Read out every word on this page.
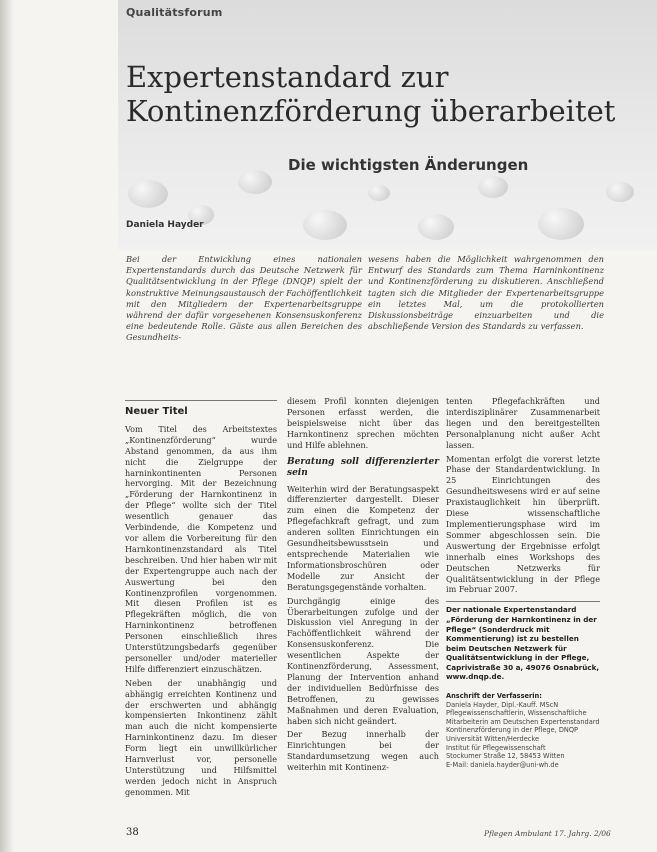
Qualitätsforum
Expertenstandard zur
Kontinenzförderung überarbeitet
Die wichtigsten Änderungen
Daniela Hayder

Bei der Entwicklung eines nationalen Expertenstandards durch das Deutsche Netzwerk für Qualitätsentwicklung in der Pflege (DNQP) spielt der konstruktive Meinungsaustausch der Fachöffentlichkeit mit den Mitgliedern der Expertenarbeitsgruppe während der dafür vorgesehenen Konsensuskonferenz eine bedeutende Rolle. Gäste aus allen Bereichen des Gesundheits-

wesens haben die Möglichkeit wahrgenommen den Entwurf des Standards zum Thema Harninkontinenz und Kontinenzförderung zu diskutieren. Anschließend tagten sich die Mitglieder der Expertenarbeitsgruppe ein letztes Mal, um die protokollierten Diskussionsbeiträge einzuarbeiten und die abschließende Version des Standards zu verfassen.

Neuer Titel

Vom Titel des Arbeitstextes „Kontinenzförderung“ wurde Abstand genommen, da aus ihm nicht die Zielgruppe der harninkontinenten Personen hervorging. Mit der Bezeichnung „Förderung der Harnkontinenz in der Pflege“ wollte sich der Titel wesentlich genauer das Verbindende, die Kompetenz und vor allem die Vorbereitung für den Harnkontinenzstandard als Titel beschreiben. Und hier haben wir mit der Expertengruppe auch nach der Auswertung bei den Kontinenzprofilen vorgenommen. Mit diesen Profilen ist es Pflegekräften möglich, die von Harninkontinenz betroffenen Personen einschließlich ihres Unterstützungsbedarfs gegenüber personeller und/oder materieller Hilfe differenziert einzuschätzen.

Neben der unabhängig und abhängig erreichten Kontinenz und der erschwerten und abhängig kompensierten Inkontinenz zählt man auch die nicht kompensierte Harninkontinenz dazu. Im dieser Form liegt ein unwillkürlicher Harnverlust vor, personelle Unterstützung und Hilfsmittel werden jedoch nicht in Anspruch genommen. Mit

diesem Profil konnten diejenigen Personen erfasst werden, die beispielsweise nicht über das Harnkontinenz sprechen möchten und Hilfe ablehnen.

Beratung soll differenzierter sein

Weiterhin wird der Beratungsaspekt differenzierter dargestellt. Dieser zum einen die Kompetenz der Pflegefachkraft gefragt, und zum anderen sollten Einrichtungen ein Gesundheitsbewusstsein und entsprechende Materialien wie Informationsbroschüren oder Modelle zur Ansicht der Beratungsgegenstände vorhalten.

Durchgängig einige des Überarbeitungen zufolge und der Diskussion viel Anregung in der Fachöffentlichkeit während der Konsensuskonferenz. Die wesentlichen Aspekte der Kontinenzförderung, Assessment, Planung der Intervention anhand der individuellen Bedürfnisse des Betroffenen, zu gewisses Maßnahmen und deren Evaluation, haben sich nicht geändert.

Der Bezug innerhalb der Einrichtungen bei der Standardumsetzung wegen auch weiterhin mit Kontinenz-

tenten Pflegefachkräften und interdisziplinärer Zusammenarbeit liegen und den bereitgestellten Personalplanung nicht außer Acht lassen.

Momentan erfolgt die vorerst letzte Phase der Standardentwicklung. In 25 Einrichtungen des Gesundheitswesens wird er auf seine Praxistauglichkeit hin überprüft. Diese wissenschaftliche Implementierungsphase wird im Sommer abgeschlossen sein. Die Auswertung der Ergebnisse erfolgt innerhalb eines Workshops des Deutschen Netzwerks für Qualitätsentwicklung in der Pflege im Februar 2007.

Der nationale Expertenstandard „Förderung der Harnkontinenz in der Pflege“ (Sonderdruck mit Kommentierung) ist zu bestellen beim Deutschen Netzwerk für Qualitätsentwicklung in der Pflege, Caprivistraße 30 a, 49076 Osnabrück, www.dnqp.de.
Anschrift der Verfasserin:
Daniela Hayder, Dipl.-Kauff. MScN
Pflegewissenschaftlerin, Wissenschaftliche Mitarbeiterin am Deutschen Expertenstandard Kontinenzförderung in der Pflege, DNQP
Universität Witten/Herdecke
Institut für Pflegewissenschaft
Stockumer Straße 12, 58453 Witten
E-Mail: daniela.hayder@uni-wh.de
38	Pflegen Ambulant 17. Jahrg. 2/06
